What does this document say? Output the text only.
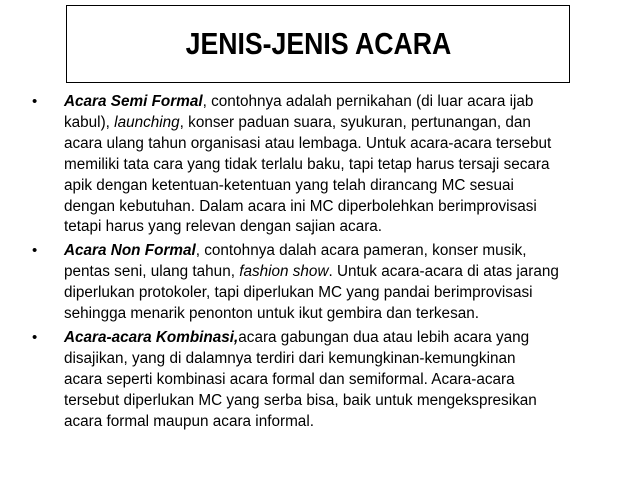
JENIS-JENIS ACARA
• Acara Semi Formal, contohnya adalah pernikahan (di luar acara ijab
kabul), launching, konser paduan suara, syukuran, pertunangan, dan
acara ulang tahun organisasi atau lembaga. Untuk acara-acara tersebut
memiliki tata cara yang tidak terlalu baku, tapi tetap harus tersaji secara
apik dengan ketentuan-ketentuan yang telah dirancang MC sesuai
dengan kebutuhan. Dalam acara ini MC diperbolehkan berimprovisasi
tetapi harus yang relevan dengan sajian acara.
• Acara Non Formal, contohnya dalah acara pameran, konser musik,
pentas seni, ulang tahun, fashion show. Untuk acara-acara di atas jarang
diperlukan protokoler, tapi diperlukan MC yang pandai berimprovisasi
sehingga menarik penonton untuk ikut gembira dan terkesan.
• Acara-acara Kombinasi,acara gabungan dua atau lebih acara yang
disajikan, yang di dalamnya terdiri dari kemungkinan-kemungkinan
acara seperti kombinasi acara formal dan semiformal. Acara-acara
tersebut diperlukan MC yang serba bisa, baik untuk mengekspresikan
acara formal maupun acara informal.
